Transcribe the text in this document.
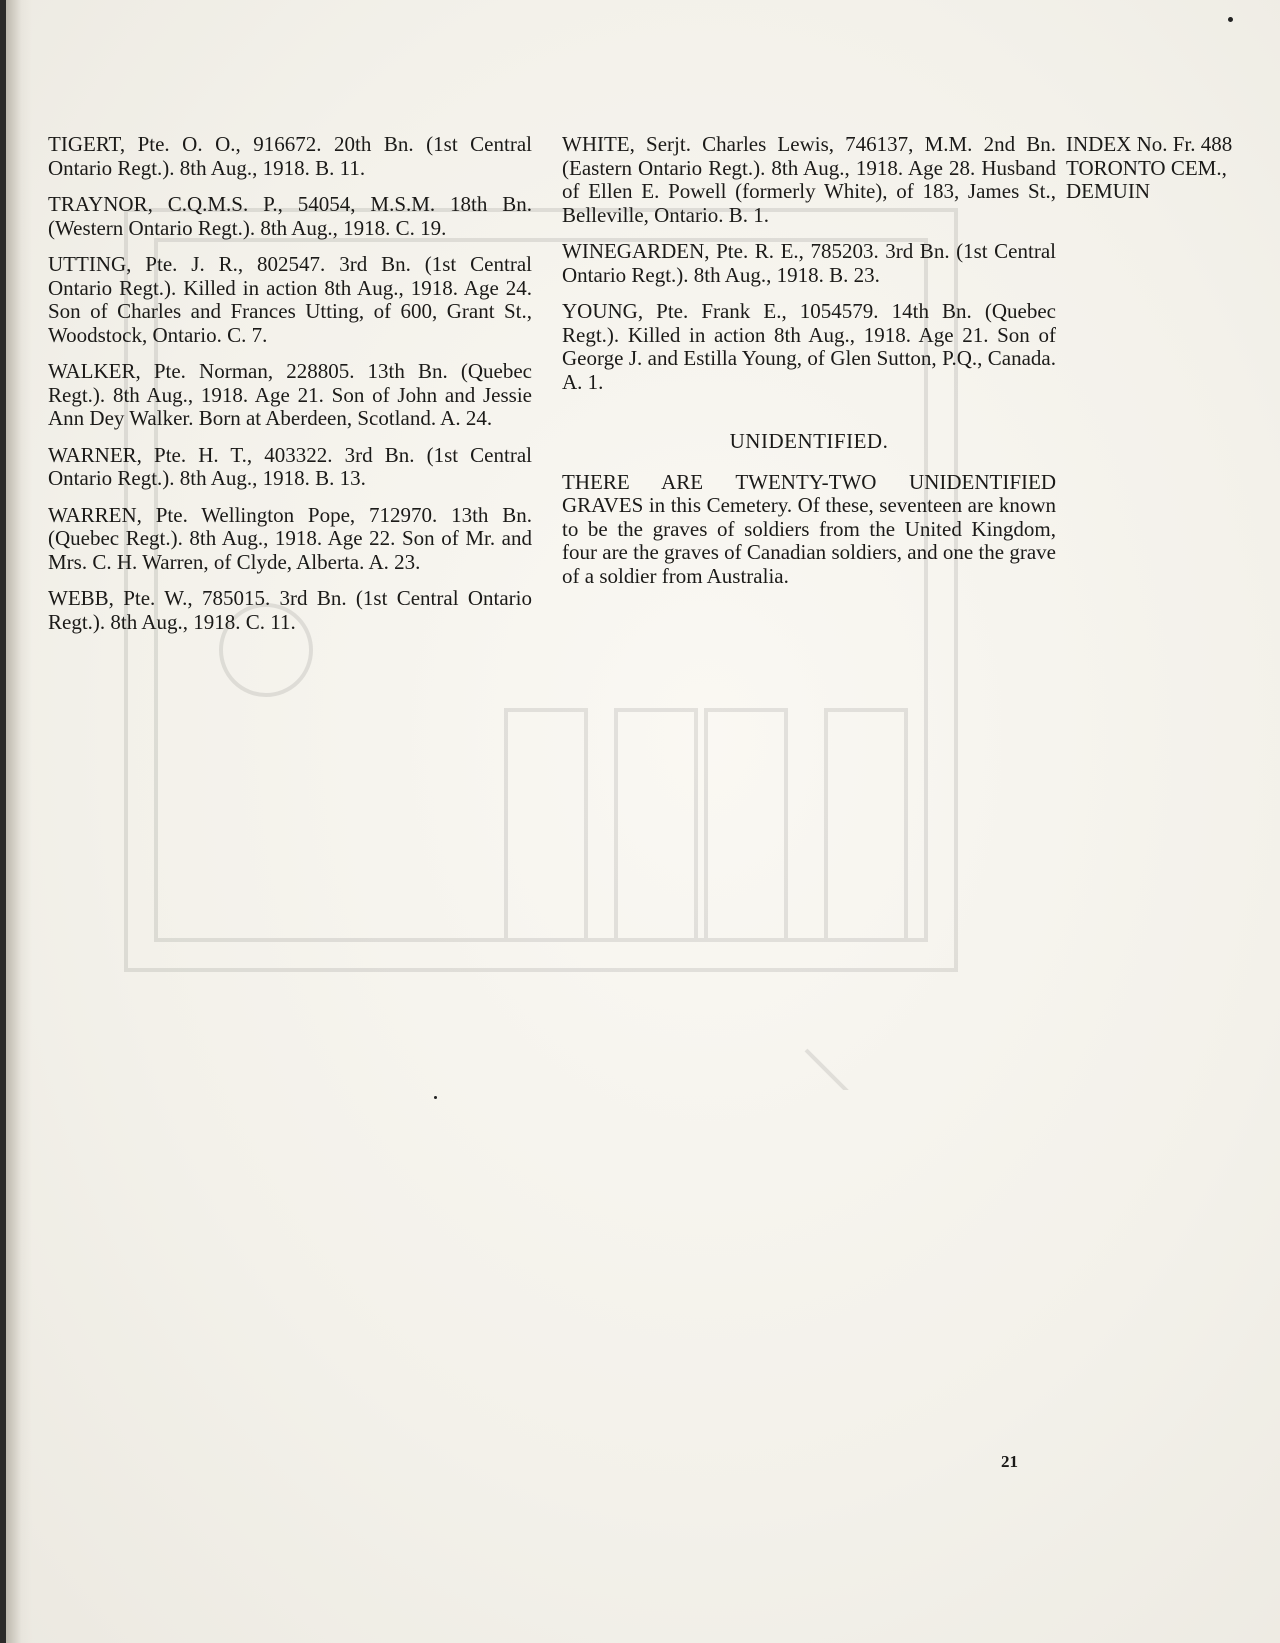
TIGERT, Pte. O. O., 916672. 20th Bn. (1st Central Ontario Regt.). 8th Aug., 1918. B. 11.

TRAYNOR, C.Q.M.S. P., 54054, M.S.M. 18th Bn. (Western Ontario Regt.). 8th Aug., 1918. C. 19.

UTTING, Pte. J. R., 802547. 3rd Bn. (1st Central Ontario Regt.). Killed in action 8th Aug., 1918. Age 24. Son of Charles and Frances Utting, of 600, Grant St., Woodstock, Ontario. C. 7.

WALKER, Pte. Norman, 228805. 13th Bn. (Quebec Regt.). 8th Aug., 1918. Age 21. Son of John and Jessie Ann Dey Walker. Born at Aberdeen, Scotland. A. 24.

WARNER, Pte. H. T., 403322. 3rd Bn. (1st Central Ontario Regt.). 8th Aug., 1918. B. 13.

WARREN, Pte. Wellington Pope, 712970. 13th Bn. (Quebec Regt.). 8th Aug., 1918. Age 22. Son of Mr. and Mrs. C. H. Warren, of Clyde, Alberta. A. 23.

WEBB, Pte. W., 785015. 3rd Bn. (1st Central Ontario Regt.). 8th Aug., 1918. C. 11.

WHITE, Serjt. Charles Lewis, 746137, M.M. 2nd Bn. (Eastern Ontario Regt.). 8th Aug., 1918. Age 28. Husband of Ellen E. Powell (formerly White), of 183, James St., Belleville, Ontario. B. 1.

WINEGARDEN, Pte. R. E., 785203. 3rd Bn. (1st Central Ontario Regt.). 8th Aug., 1918. B. 23.

YOUNG, Pte. Frank E., 1054579. 14th Bn. (Quebec Regt.). Killed in action 8th Aug., 1918. Age 21. Son of George J. and Estilla Young, of Glen Sutton, P.Q., Canada. A. 1.

UNIDENTIFIED.

THERE ARE TWENTY-TWO UNIDENTIFIED GRAVES in this Cemetery. Of these, seventeen are known to be the graves of soldiers from the United Kingdom, four are the graves of Canadian soldiers, and one the grave of a soldier from Australia.

INDEX No. Fr. 488

TORONTO CEM.,

DEMUIN

21
